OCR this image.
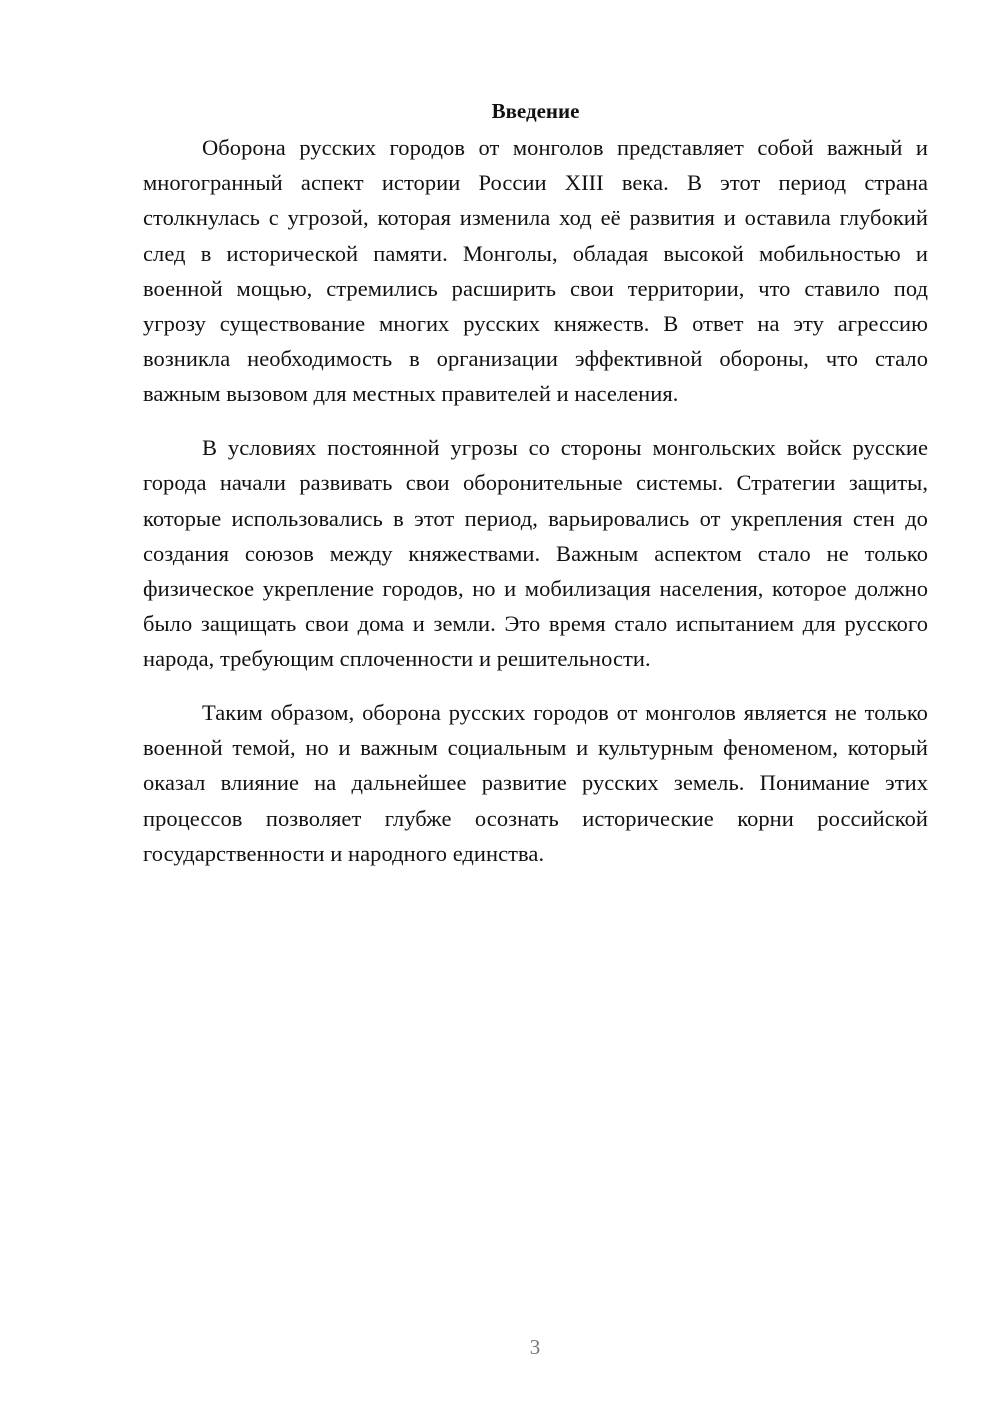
Введение

Оборона русских городов от монголов представляет собой важный и многогранный аспект истории России XIII века. В этот период страна столкнулась с угрозой, которая изменила ход её развития и оставила глубокий след в исторической памяти. Монголы, обладая высокой мобильностью и военной мощью, стремились расширить свои территории, что ставило под угрозу существование многих русских княжеств. В ответ на эту агрессию возникла необходимость в организации эффективной обороны, что стало важным вызовом для местных правителей и населения.

В условиях постоянной угрозы со стороны монгольских войск русские города начали развивать свои оборонительные системы. Стратегии защиты, которые использовались в этот период, варьировались от укрепления стен до создания союзов между княжествами. Важным аспектом стало не только физическое укрепление городов, но и мобилизация населения, которое должно было защищать свои дома и земли. Это время стало испытанием для русского народа, требующим сплоченности и решительности.

Таким образом, оборона русских городов от монголов является не только военной темой, но и важным социальным и культурным феноменом, который оказал влияние на дальнейшее развитие русских земель. Понимание этих процессов позволяет глубже осознать исторические корни российской государственности и народного единства.

3
